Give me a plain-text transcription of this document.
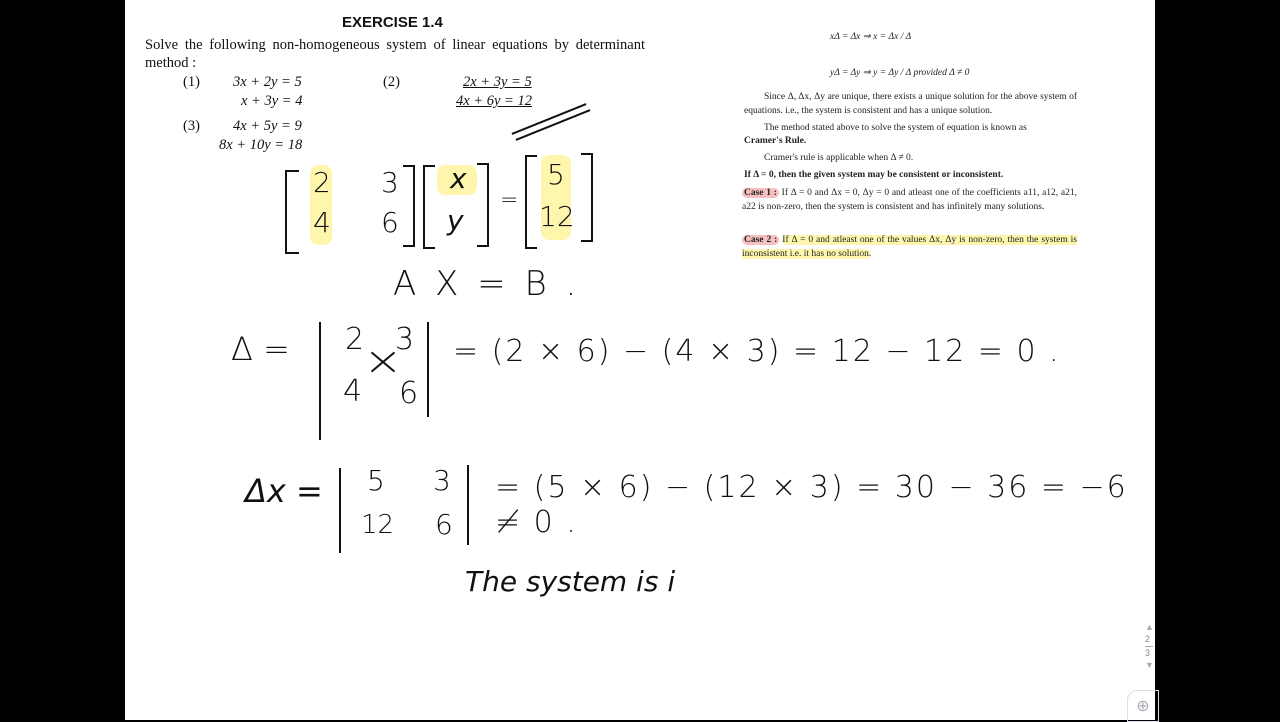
EXERCISE 1.4
Solve the following non-homogeneous system of linear equations by determinant method :
(1) 3x + 2y = 5
x + 3y = 4
(2)	2x + 3y = 5
4x + 6y = 12
(3) 4x + 5y = 9
8x + 10y = 18
xΔ = Δx ⇒ x = Δx / Δ
yΔ = Δy ⇒ y = Δy / Δ provided Δ ≠ 0
Since Δ, Δx, Δy are unique, there exists a unique solution for the above system of equations. i.e., the system is consistent and has a unique solution.
The method stated above to solve the system of equation is known as
Cramer's Rule.
Cramer's rule is applicable when Δ ≠ 0.
If Δ = 0, then the given system may be consistent or inconsistent.
Case 1 : If Δ = 0 and Δx = 0, Δy = 0 and atleast one of the coefficients a11, a12, a21, a22 is non-zero, then the system is consistent and has infinitely many solutions.
Case 2 : If Δ = 0 and atleast one of the values Δx, Δy is non-zero, then the system is inconsistent i.e. it has no solution.
2 3
4 6
x
y
=
5
12
A X = B .
Δ = 2 3
4 6
= (2 × 6) − (4 × 3) = 12 − 12 = 0 .
Δx = 5 3
12 6
= (5 × 6) − (12 × 3) = 30 − 36 = −6 ≠ 0 .
The system is i
▲
2
3
▼
⊕
